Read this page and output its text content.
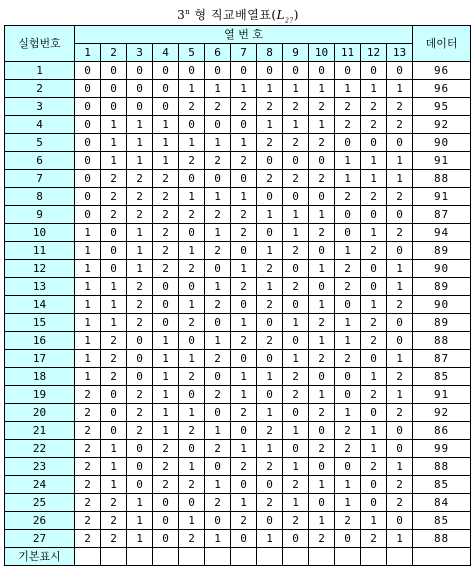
3$^n$ 형 직교배열표$(L_{27})$
실험번호	열 번 호													데이터
	1	2	3	4	5	6	7	8	9	10	11	12	13	
1	0	0	0	0	0	0	0	0	0	0	0	0	0	96
2	0	0	0	0	1	1	1	1	1	1	1	1	1	96
3	0	0	0	0	2	2	2	2	2	2	2	2	2	95
4	0	1	1	1	0	0	0	1	1	1	2	2	2	92
5	0	1	1	1	1	1	1	2	2	2	0	0	0	90
6	0	1	1	1	2	2	2	0	0	0	1	1	1	91
7	0	2	2	2	0	0	0	2	2	2	1	1	1	88
8	0	2	2	2	1	1	1	0	0	0	2	2	2	91
9	0	2	2	2	2	2	2	1	1	1	0	0	0	87
10	1	0	1	2	0	1	2	0	1	2	0	1	2	94
11	1	0	1	2	1	2	0	1	2	0	1	2	0	89
12	1	0	1	2	2	0	1	2	0	1	2	0	1	90
13	1	1	2	0	0	1	2	1	2	0	2	0	1	89
14	1	1	2	0	1	2	0	2	0	1	0	1	2	90
15	1	1	2	0	2	0	1	0	1	2	1	2	0	89
16	1	2	0	1	0	1	2	2	0	1	1	2	0	88
17	1	2	0	1	1	2	0	0	1	2	2	0	1	87
18	1	2	0	1	2	0	1	1	2	0	0	1	2	85
19	2	0	2	1	0	2	1	0	2	1	0	2	1	91
20	2	0	2	1	1	0	2	1	0	2	1	0	2	92
21	2	0	2	1	2	1	0	2	1	0	2	1	0	86
22	2	1	0	2	0	2	1	1	0	2	2	1	0	99
23	2	1	0	2	1	0	2	2	1	0	0	2	1	88
24	2	1	0	2	2	1	0	0	2	1	1	0	2	85
25	2	2	1	0	0	2	1	2	1	0	1	0	2	84
26	2	2	1	0	1	0	2	0	2	1	2	1	0	85
27	2	2	1	0	2	1	0	1	0	2	0	2	1	88
기본표시														
